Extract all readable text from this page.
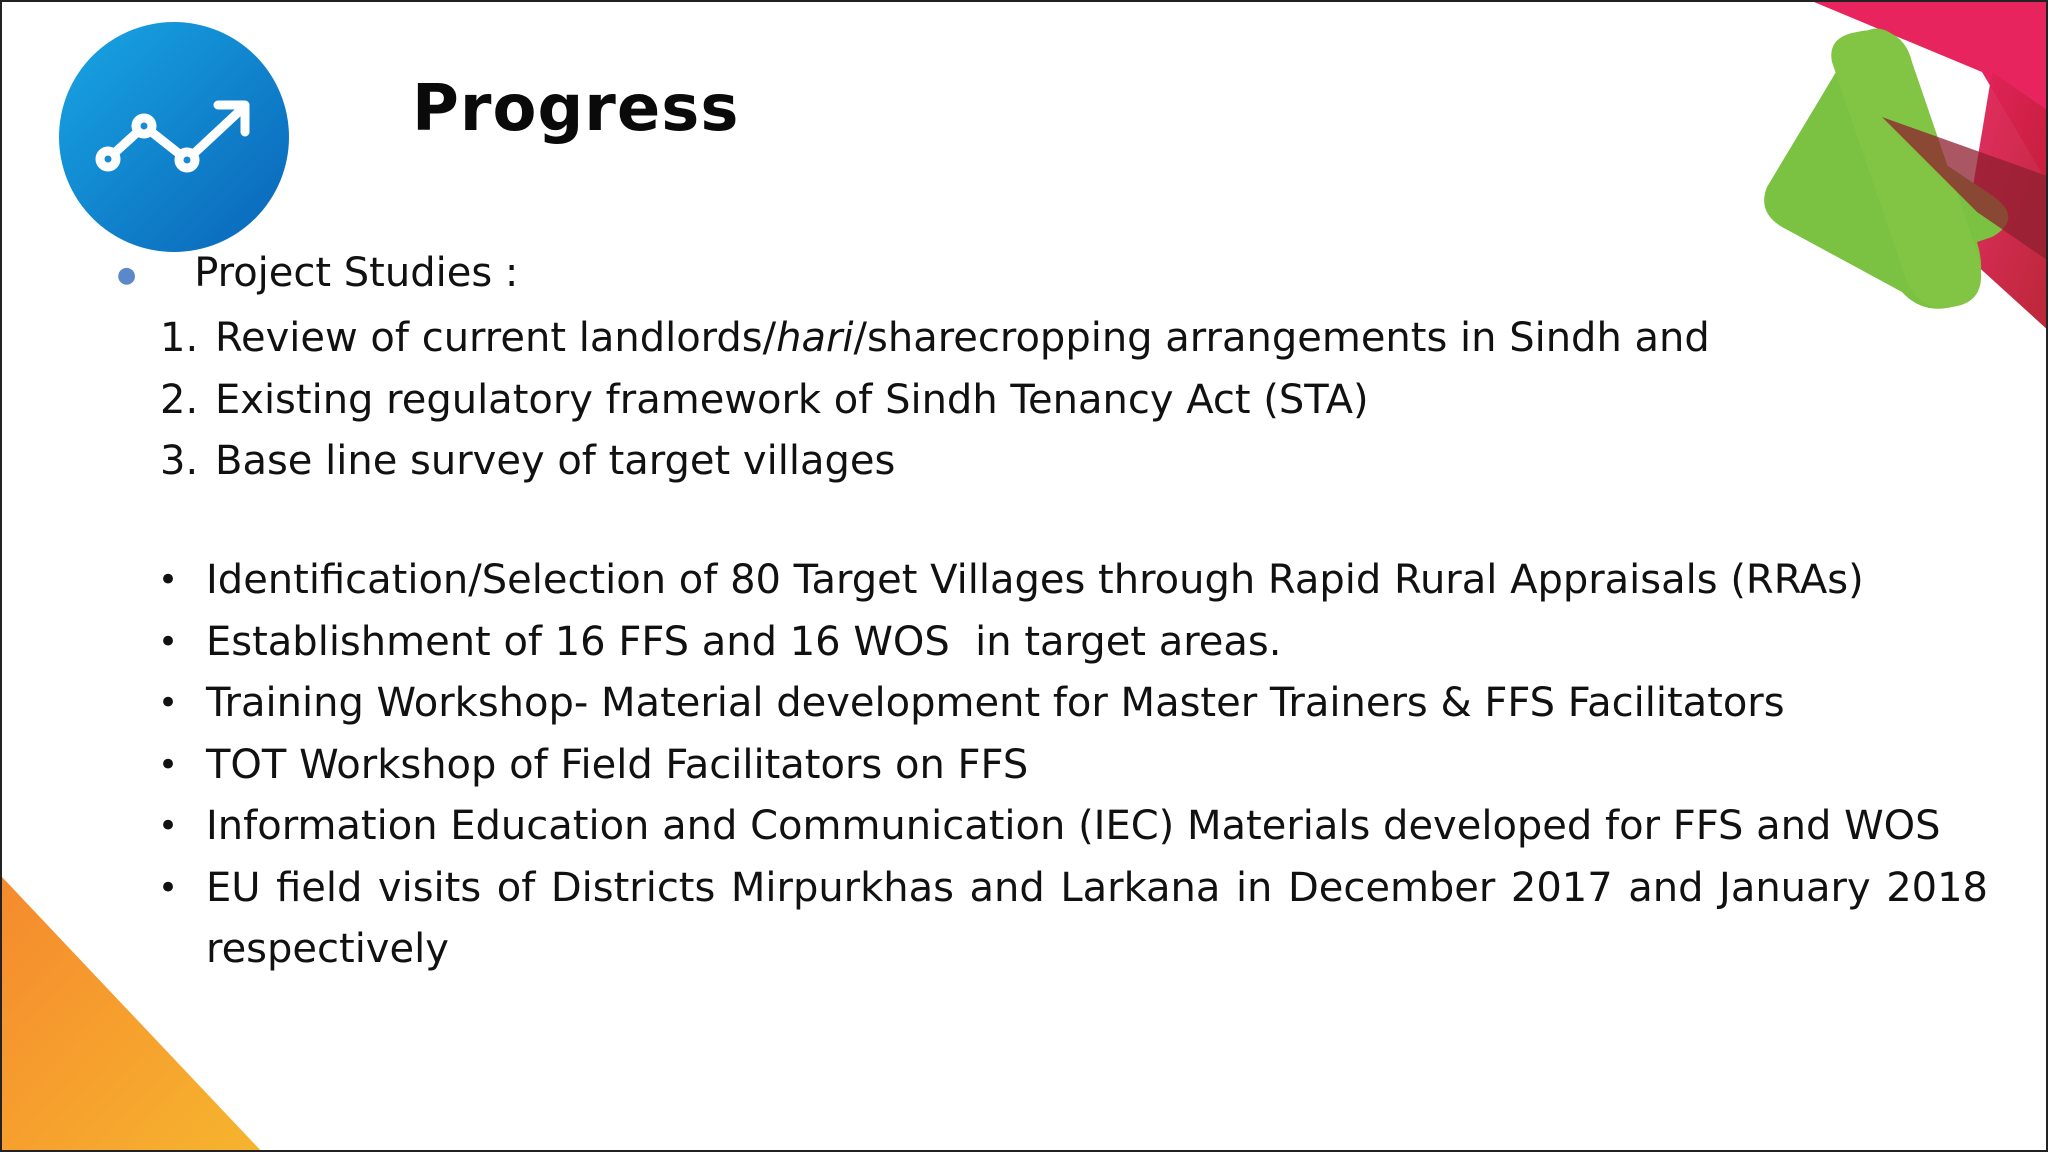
Progress
● Project Studies :
1. Review of current landlords/hari/sharecropping arrangements in Sindh and
2. Existing regulatory framework of Sindh Tenancy Act (STA)
3. Base line survey of target villages
• Identification/Selection of 80 Target Villages through Rapid Rural Appraisals (RRAs)
• Establishment of 16 FFS and 16 WOS  in target areas.
• Training Workshop- Material development for Master Trainers & FFS Facilitators
• TOT Workshop of Field Facilitators on FFS
• Information Education and Communication (IEC) Materials developed for FFS and WOS
• EU field visits of Districts Mirpurkhas and Larkana in December 2017 and January 2018 respectively
